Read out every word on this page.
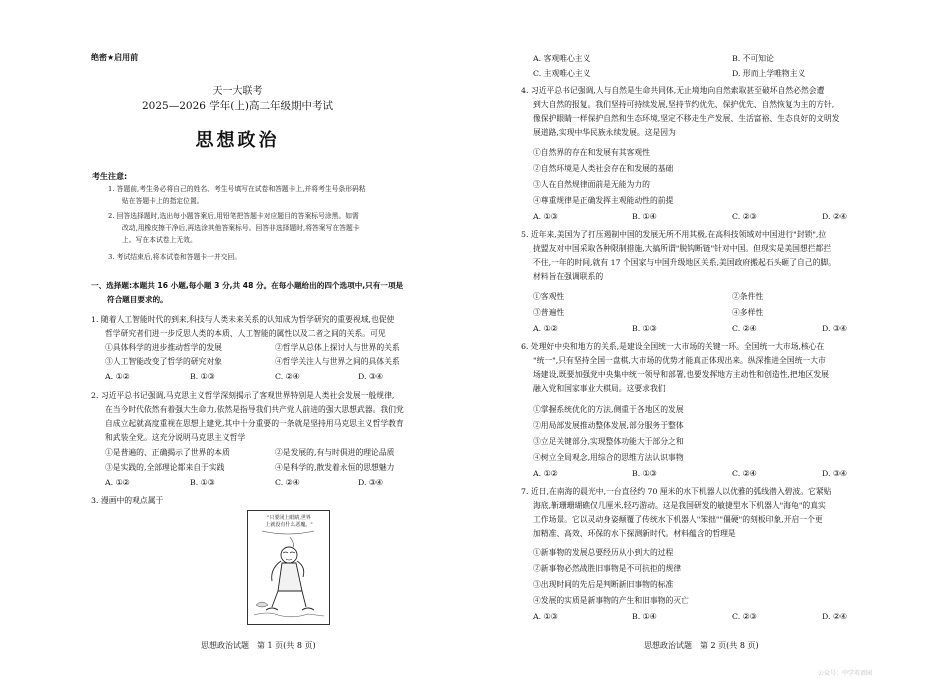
绝密★启用前
天一大联考
2025—2026 学年(上)高二年级期中考试
思想政治
考生注意:
1. 答题前,考生务必将自己的姓名、考生号填写在试卷和答题卡上,并将考生号条形码粘
贴在答题卡上的指定位置。
2. 回答选择题时,选出每小题答案后,用铅笔把答题卡对应题目的答案标号涂黑。如需
改动,用橡皮擦干净后,再选涂其他答案标号。回答非选择题时,将答案写在答题卡
上。写在本试卷上无效。
3. 考试结束后,将本试卷和答题卡一并交回。
一、选择题:本题共 16 小题,每小题 3 分,共 48 分。在每小题给出的四个选项中,只有一项是
符合题目要求的。
1. 随着人工智能时代的到来,科技与人类未来关系的认知成为哲学研究的重要视域,也促使
哲学研究者们进一步反思人类的本质、人工智能的属性以及二者之间的关系。可见
①具体科学的进步推动哲学的发展	②哲学从总体上探讨人与世界的关系
③人工智能改变了哲学的研究对象	④哲学关注人与世界之间的具体关系
A. ①②	B. ①③	C. ②④	D. ③④
2. 习近平总书记强调,马克思主义哲学深刻揭示了客观世界特别是人类社会发展一般规律,
在当今时代依然有着强大生命力,依然是指导我们共产党人前进的强大思想武器。我们党
自成立起就高度重视在思想上建党,其中十分重要的一条就是坚持用马克思主义哲学教育
和武装全党。这充分说明马克思主义哲学
①是普遍的、正确揭示了世界的本质	②是发展的,有与时俱进的理论品质
③是实践的,全部理论都来自于实践	④是科学的,散发着永恒的思想魅力
A. ①②	B. ①③	C. ②④	D. ③④
3. 漫画中的观点属于
"只要闭上眼睛,世界
上就没有什么恶魔。"
思想政治试题　第 1 页(共 8 页)
A. 客观唯心主义	B. 不可知论
C. 主观唯心主义	D. 形而上学唯物主义
4. 习近平总书记强调,人与自然是生命共同体,无止境地向自然索取甚至破坏自然必然会遭
到大自然的报复。我们坚持可持续发展,坚持节约优先、保护优先、自然恢复为主的方针,
像保护眼睛一样保护自然和生态环境,坚定不移走生产发展、生活富裕、生态良好的文明发
展道路,实现中华民族永续发展。这是因为
①自然界的存在和发展有其客观性
②自然环境是人类社会存在和发展的基础
③人在自然规律面前是无能为力的
④尊重规律是正确发挥主观能动性的前提
A. ①③	B. ①④	C. ②③	D. ②④
5. 近年来,美国为了打压遏制中国的发展无所不用其极,在高科技领域对中国进行"封锁",拉
拢盟友对中国采取各种限制措施,大搞所谓"脱钩断链"针对中国。但现实是美国想拦都拦
不住,一年的时间,就有 17 个国家与中国升级地区关系,美国政府搬起石头砸了自己的脚。
材料旨在强调联系的
①客观性	②条件性
③普遍性	④多样性
A. ①②	B. ①③	C. ②④	D. ③④
6. 处理好中央和地方的关系,是建设全国统一大市场的关键一环。全国统一大市场,核心在
"统一",只有坚持全国一盘棋,大市场的优势才能真正体现出来。纵深推进全国统一大市
场建设,既要加强党中央集中统一领导和部署,也要发挥地方主动性和创造性,把地区发展
融入党和国家事业大棋局。这要求我们
①掌握系统优化的方法,侧重于各地区的发展
②用局部发展推动整体发展,部分服务于整体
③立足关键部分,实现整体功能大于部分之和
④树立全局观念,用综合的思维方法认识事物
A. ①②	B. ①③	C. ②④	D. ③④
7. 近日,在南海的晨光中,一台直径约 70 厘米的水下机器人以优雅的弧线潜入碧波。它紧贴
海底,靳珊珊瑚礁仅几厘米,轻巧游动。这是我国研发的敏捷型水下机器人"海龟"的真实
工作场景。它以灵动身姿颠覆了传统水下机器人"笨拙""僵硬"的刻板印象,开启一个更
加精准、高效、环保的水下探测新时代。材料蕴含的哲理是
①新事物的发展总要经历从小到大的过程
②新事物必然战胜旧事物是不可抗拒的规律
③出现时间的先后是判断新旧事物的标准
④发展的实质是新事物的产生和旧事物的灭亡
A. ①③	B. ①④	C. ②③	D. ②④
思想政治试题　第 2 页(共 8 页)
公众号：中学英语园
